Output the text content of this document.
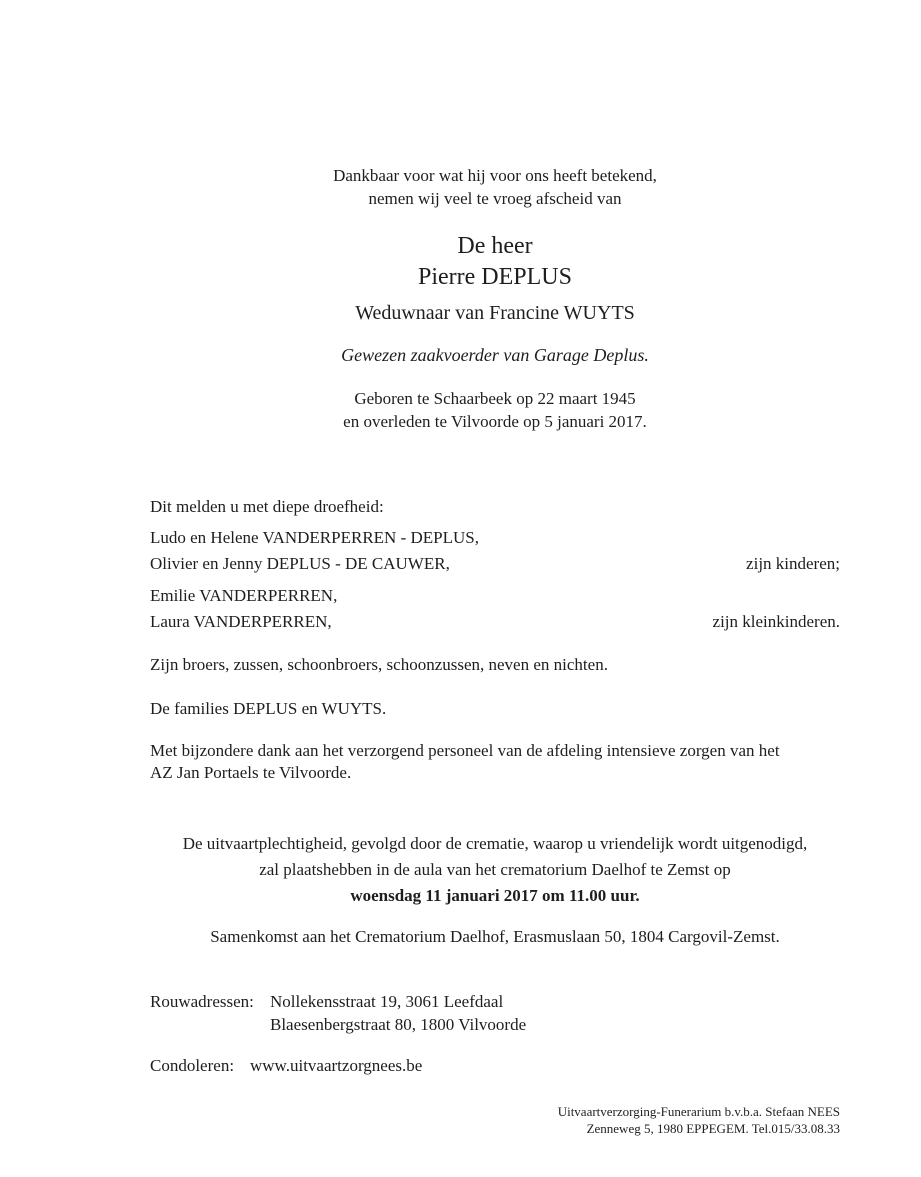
Dankbaar voor wat hij voor ons heeft betekend,
nemen wij veel te vroeg afscheid van
De heer
Pierre DEPLUS
Weduwnaar van Francine WUYTS
Gewezen zaakvoerder van Garage Deplus.
Geboren te Schaarbeek op 22 maart 1945
en overleden te Vilvoorde op 5 januari 2017.
Dit melden u met diepe droefheid:
Ludo en Helene VANDERPERREN - DEPLUS,
Olivier en Jenny DEPLUS - DE CAUWER,	zijn kinderen;
Emilie VANDERPERREN,
Laura VANDERPERREN,	zijn kleinkinderen.
Zijn broers, zussen, schoonbroers, schoonzussen, neven en nichten.
De families DEPLUS en WUYTS.
Met bijzondere dank aan het verzorgend personeel van de afdeling intensieve zorgen van het
AZ Jan Portaels te Vilvoorde.
De uitvaartplechtigheid, gevolgd door de crematie, waarop u vriendelijk wordt uitgenodigd,
zal plaatshebben in de aula van het crematorium Daelhof te Zemst op
woensdag 11 januari 2017 om 11.00 uur.
Samenkomst aan het Crematorium Daelhof, Erasmuslaan 50, 1804 Cargovil-Zemst.
Rouwadressen: Nollekensstraat 19, 3061 Leefdaal
Blaesenbergstraat 80, 1800 Vilvoorde
Condoleren: www.uitvaartzorgnees.be
Uitvaartverzorging-Funerarium b.v.b.a. Stefaan NEES
Zenneweg 5, 1980 EPPEGEM. Tel.015/33.08.33
